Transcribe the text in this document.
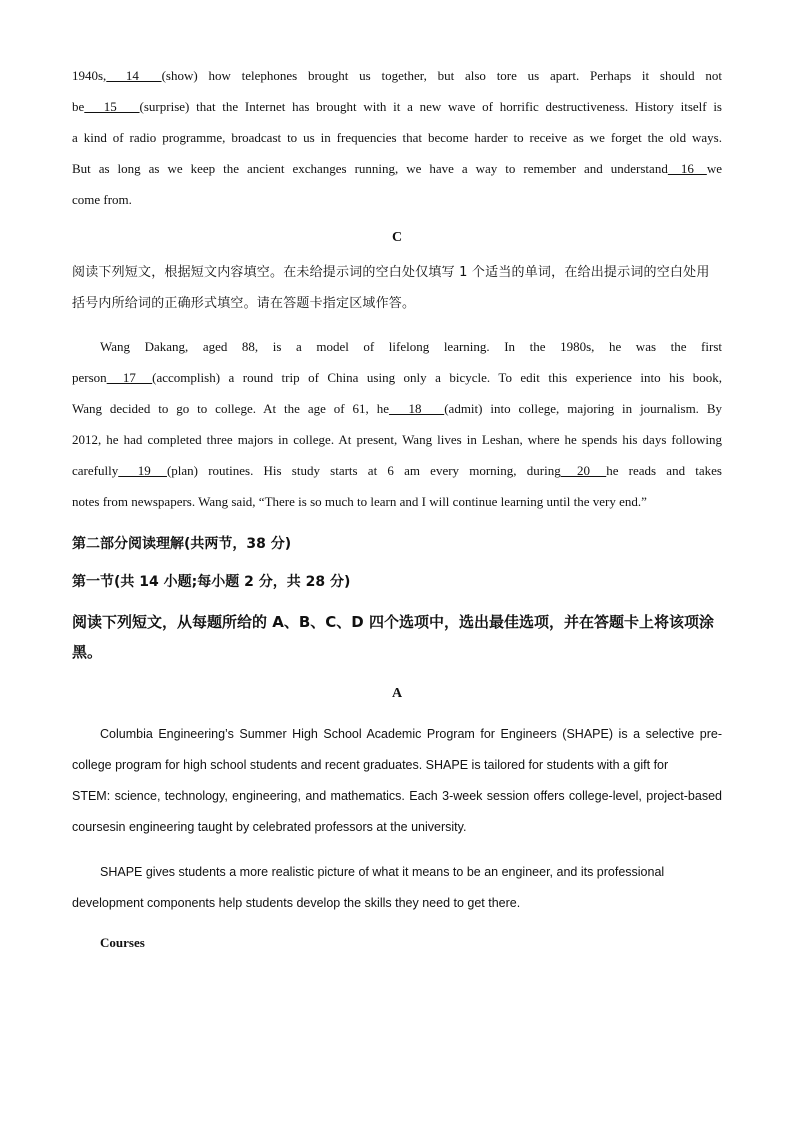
1940s,      14       (show) how telephones brought us together, but also tore us apart. Perhaps it should not

be      15       (surprise) that the Internet has brought with it a new wave of horrific destructiveness. History itself is

a kind of radio programme, broadcast to us in frequencies that become harder to receive as we forget the old ways.

But as long as we keep the ancient exchanges running, we have a way to remember and understand    16    we

come from.

C

阅读下列短文，根据短文内容填空。在未给提示词的空白处仅填写 1 个适当的单词，在给出提示词的空白处用括号内所给词的正确形式填空。请在答题卡指定区域作答。

Wang Dakang, aged 88, is a model of lifelong learning. In the 1980s, he was the first

person     17     (accomplish) a round trip of China using only a bicycle. To edit this experience into his book,

Wang decided to go to college. At the age of 61, he      18       (admit) into college, majoring in journalism. By

2012, he had completed three majors in college. At present, Wang lives in Leshan, where he spends his days following

carefully      19     (plan) routines. His study starts at 6 am every morning, during     20     he reads and takes

notes from newspapers. Wang said, “There is so much to learn and I will continue learning until the very end.”

第二部分阅读理解(共两节，38 分)

第一节(共 14 小题;每小题 2 分，共 28 分)

阅读下列短文，从每题所给的 A、B、C、D 四个选项中，选出最佳选项，并在答题卡上将该项涂黑。

A

Columbia Engineering’s Summer High School Academic Program for Engineers (SHAPE) is a selective pre-

college program for high school students and recent graduates. SHAPE is tailored for students with a gift for

STEM: science, technology, engineering, and mathematics. Each 3-week session offers college-level, project-based

coursesin engineering taught by celebrated professors at the university.

SHAPE gives students a more realistic picture of what it means to be an engineer, and its professional

development components help students develop the skills they need to get there.

Courses
